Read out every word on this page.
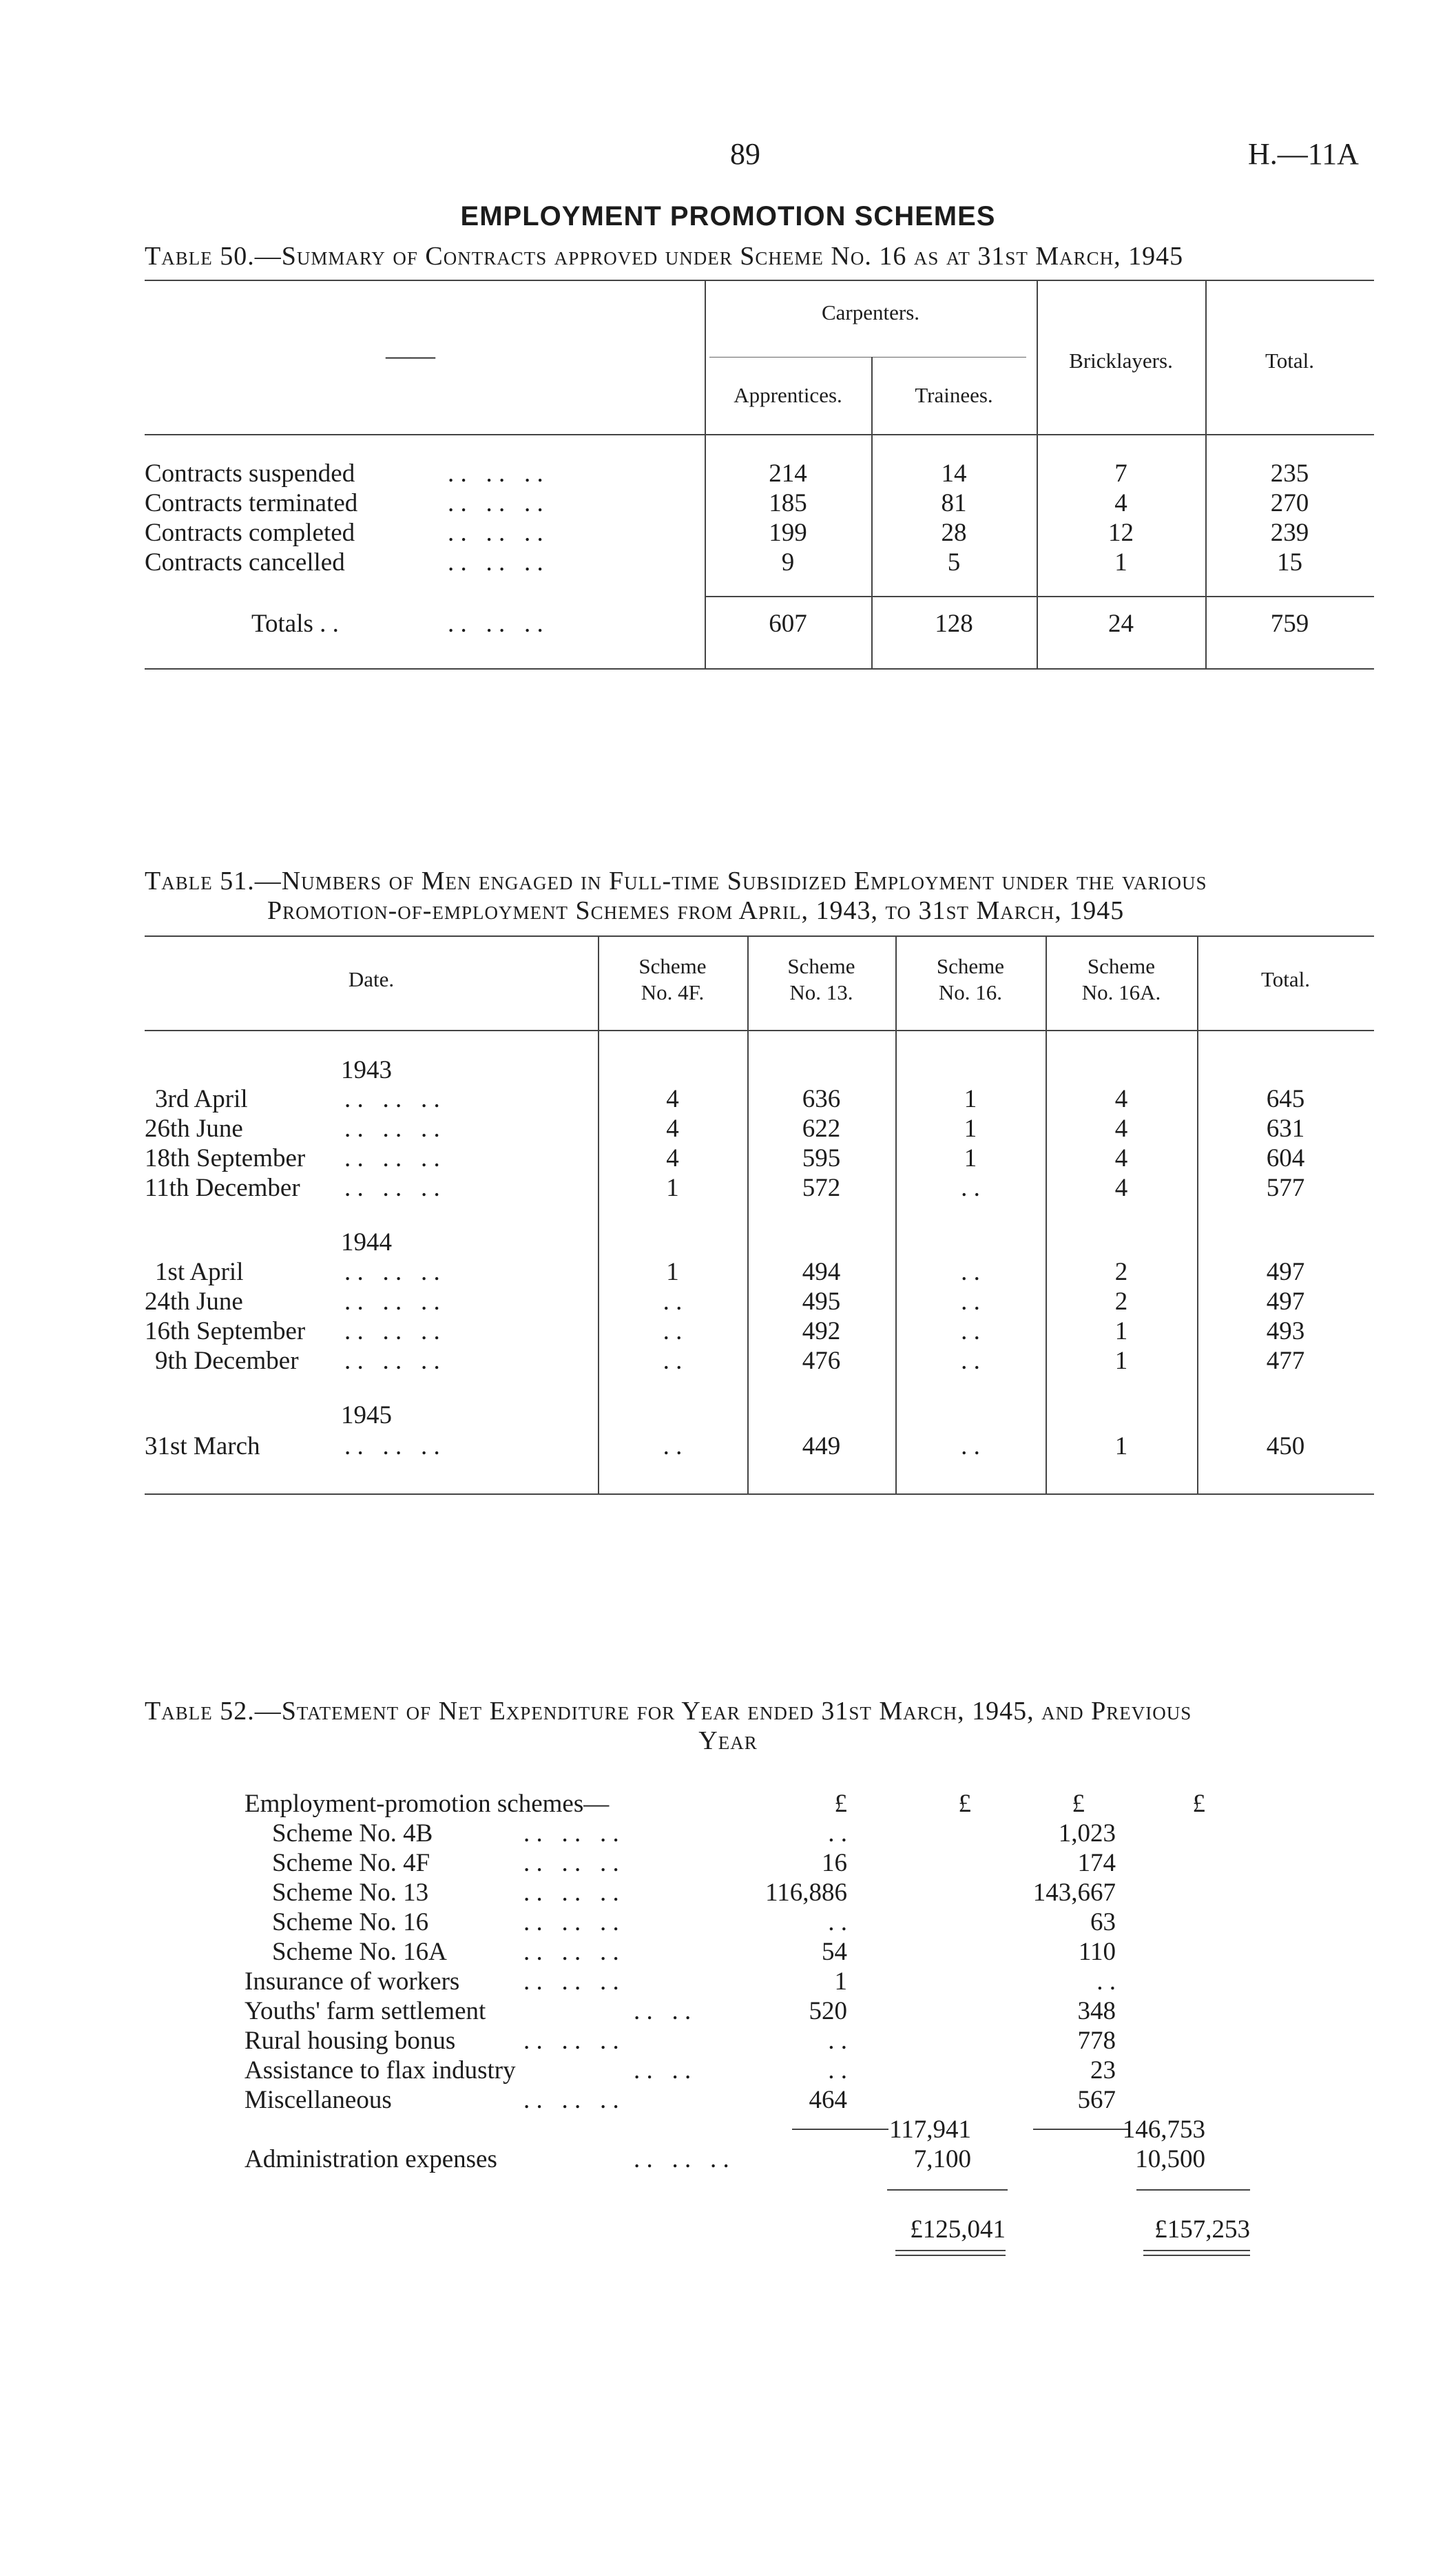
89	H.—11A
EMPLOYMENT PROMOTION SCHEMES
Table 50.—Summary of Contracts approved under Scheme No. 16 as at 31st March, 1945
——
Carpenters.
Apprentices.	Trainees.
Bricklayers.	Total.
Contracts suspended	. .   . .   . .	214	14	7	235
Contracts terminated	. .   . .   . .	185	81	4	270
Contracts completed	. .   . .   . .	199	28	12	239
Contracts cancelled	. .   . .   . .	9	5	1	15
Totals . .	. .   . .   . .	607	128	24	759
Table 51.—Numbers of Men engaged in Full-time Subsidized Employment under the various
Promotion-of-employment Schemes from April, 1943, to 31st March, 1945
Date.
Scheme
No. 4F.
Scheme
No. 13.
Scheme
No. 16.
Scheme
No. 16A.
Total.
1943
1944
1945
3rd April	. .   . .   . .	4	636	1	4	645
26th June	. .   . .   . .	4	622	1	4	631
18th September . .   . .   . .	4	595	1	4	604
11th December . .   . .   . .	1	572	. .	4	577
1st April	. .   . .   . .	1	494	. .	2	497
24th June	. .   . .   . .	. .	495	. .	2	497
16th September . .   . .   . .	. .	492	. .	1	493
9th December . .   . .   . .	. .	476	. .	1	477
31st March	. .   . .   . .	. .	449	. .	1	450
Table 52.—Statement of Net Expenditure for Year ended 31st March, 1945, and Previous
Year
£	£	£	£
Employment-promotion schemes—
Scheme No. 4B	. .   . .   . .	. .	1,023
Scheme No. 4F	. .   . .   . .	16	174
Scheme No. 13	. .   . .   . .	116,886	143,667
Scheme No. 16	. .   . .   . .	. .	63
Scheme No. 16A	. .   . .   . .	54	110
Insurance of workers	. .   . .   . .	1	. .
Youths' farm settlement	. .   . .	520	348
Rural housing bonus	. .   . .   . .	. .	778
Assistance to flax industry	. .   . .	. .	23
Miscellaneous	. .   . .   . .	464	567
117,941	146,753
Administration expenses	. .   . .   . .	7,100	10,500
£125,041	£157,253
